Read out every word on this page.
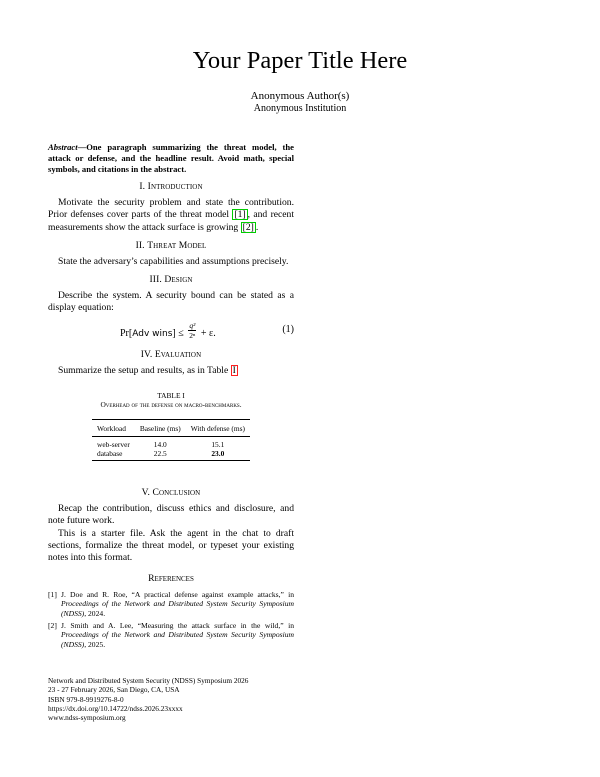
Your Paper Title Here
Anonymous Author(s)
Anonymous Institution
Abstract—One paragraph summarizing the threat model, the attack or defense, and the headline result. Avoid math, special symbols, and citations in the abstract.
I. Introduction

Motivate the security problem and state the contribution. Prior defenses cover parts of the threat model [1] , and recent measurements show the attack surface is growing [2] .

II. Threat Model

State the adversary’s capabilities and assumptions precisely.

III. Design

Describe the system. A security bound can be stated as a display equation:

Pr[Adv wins] ≤ $\frac{\text{q²}}{\text{2ⁿ}} + \varepsilon$.	(1)
IV. Evaluation

Summarize the setup and results, as in Table I

TABLE I
Overhead of the defense on macro-benchmarks.
Workload	Baseline (ms)	With defense (ms)
web-server	14.0	15.1
database	22.5	23.0
V. Conclusion

Recap the contribution, discuss ethics and disclosure, and note future work.

This is a starter file. Ask the agent in the chat to draft sections, formalize the threat model, or typeset your existing notes into this format.

References
[1] J. Doe and R. Roe, “A practical defense against example attacks,” in Proceedings of the Network and Distributed System Security Symposium (NDSS), 2024.
[2] J. Smith and A. Lee, “Measuring the attack surface in the wild,” in Proceedings of the Network and Distributed System Security Symposium (NDSS), 2025.
Network and Distributed System Security (NDSS) Symposium 2026
23 - 27 February 2026, San Diego, CA, USA
ISBN 979-8-9919276-8-0
https://dx.doi.org/10.14722/ndss.2026.23xxxx
www.ndss-symposium.org
